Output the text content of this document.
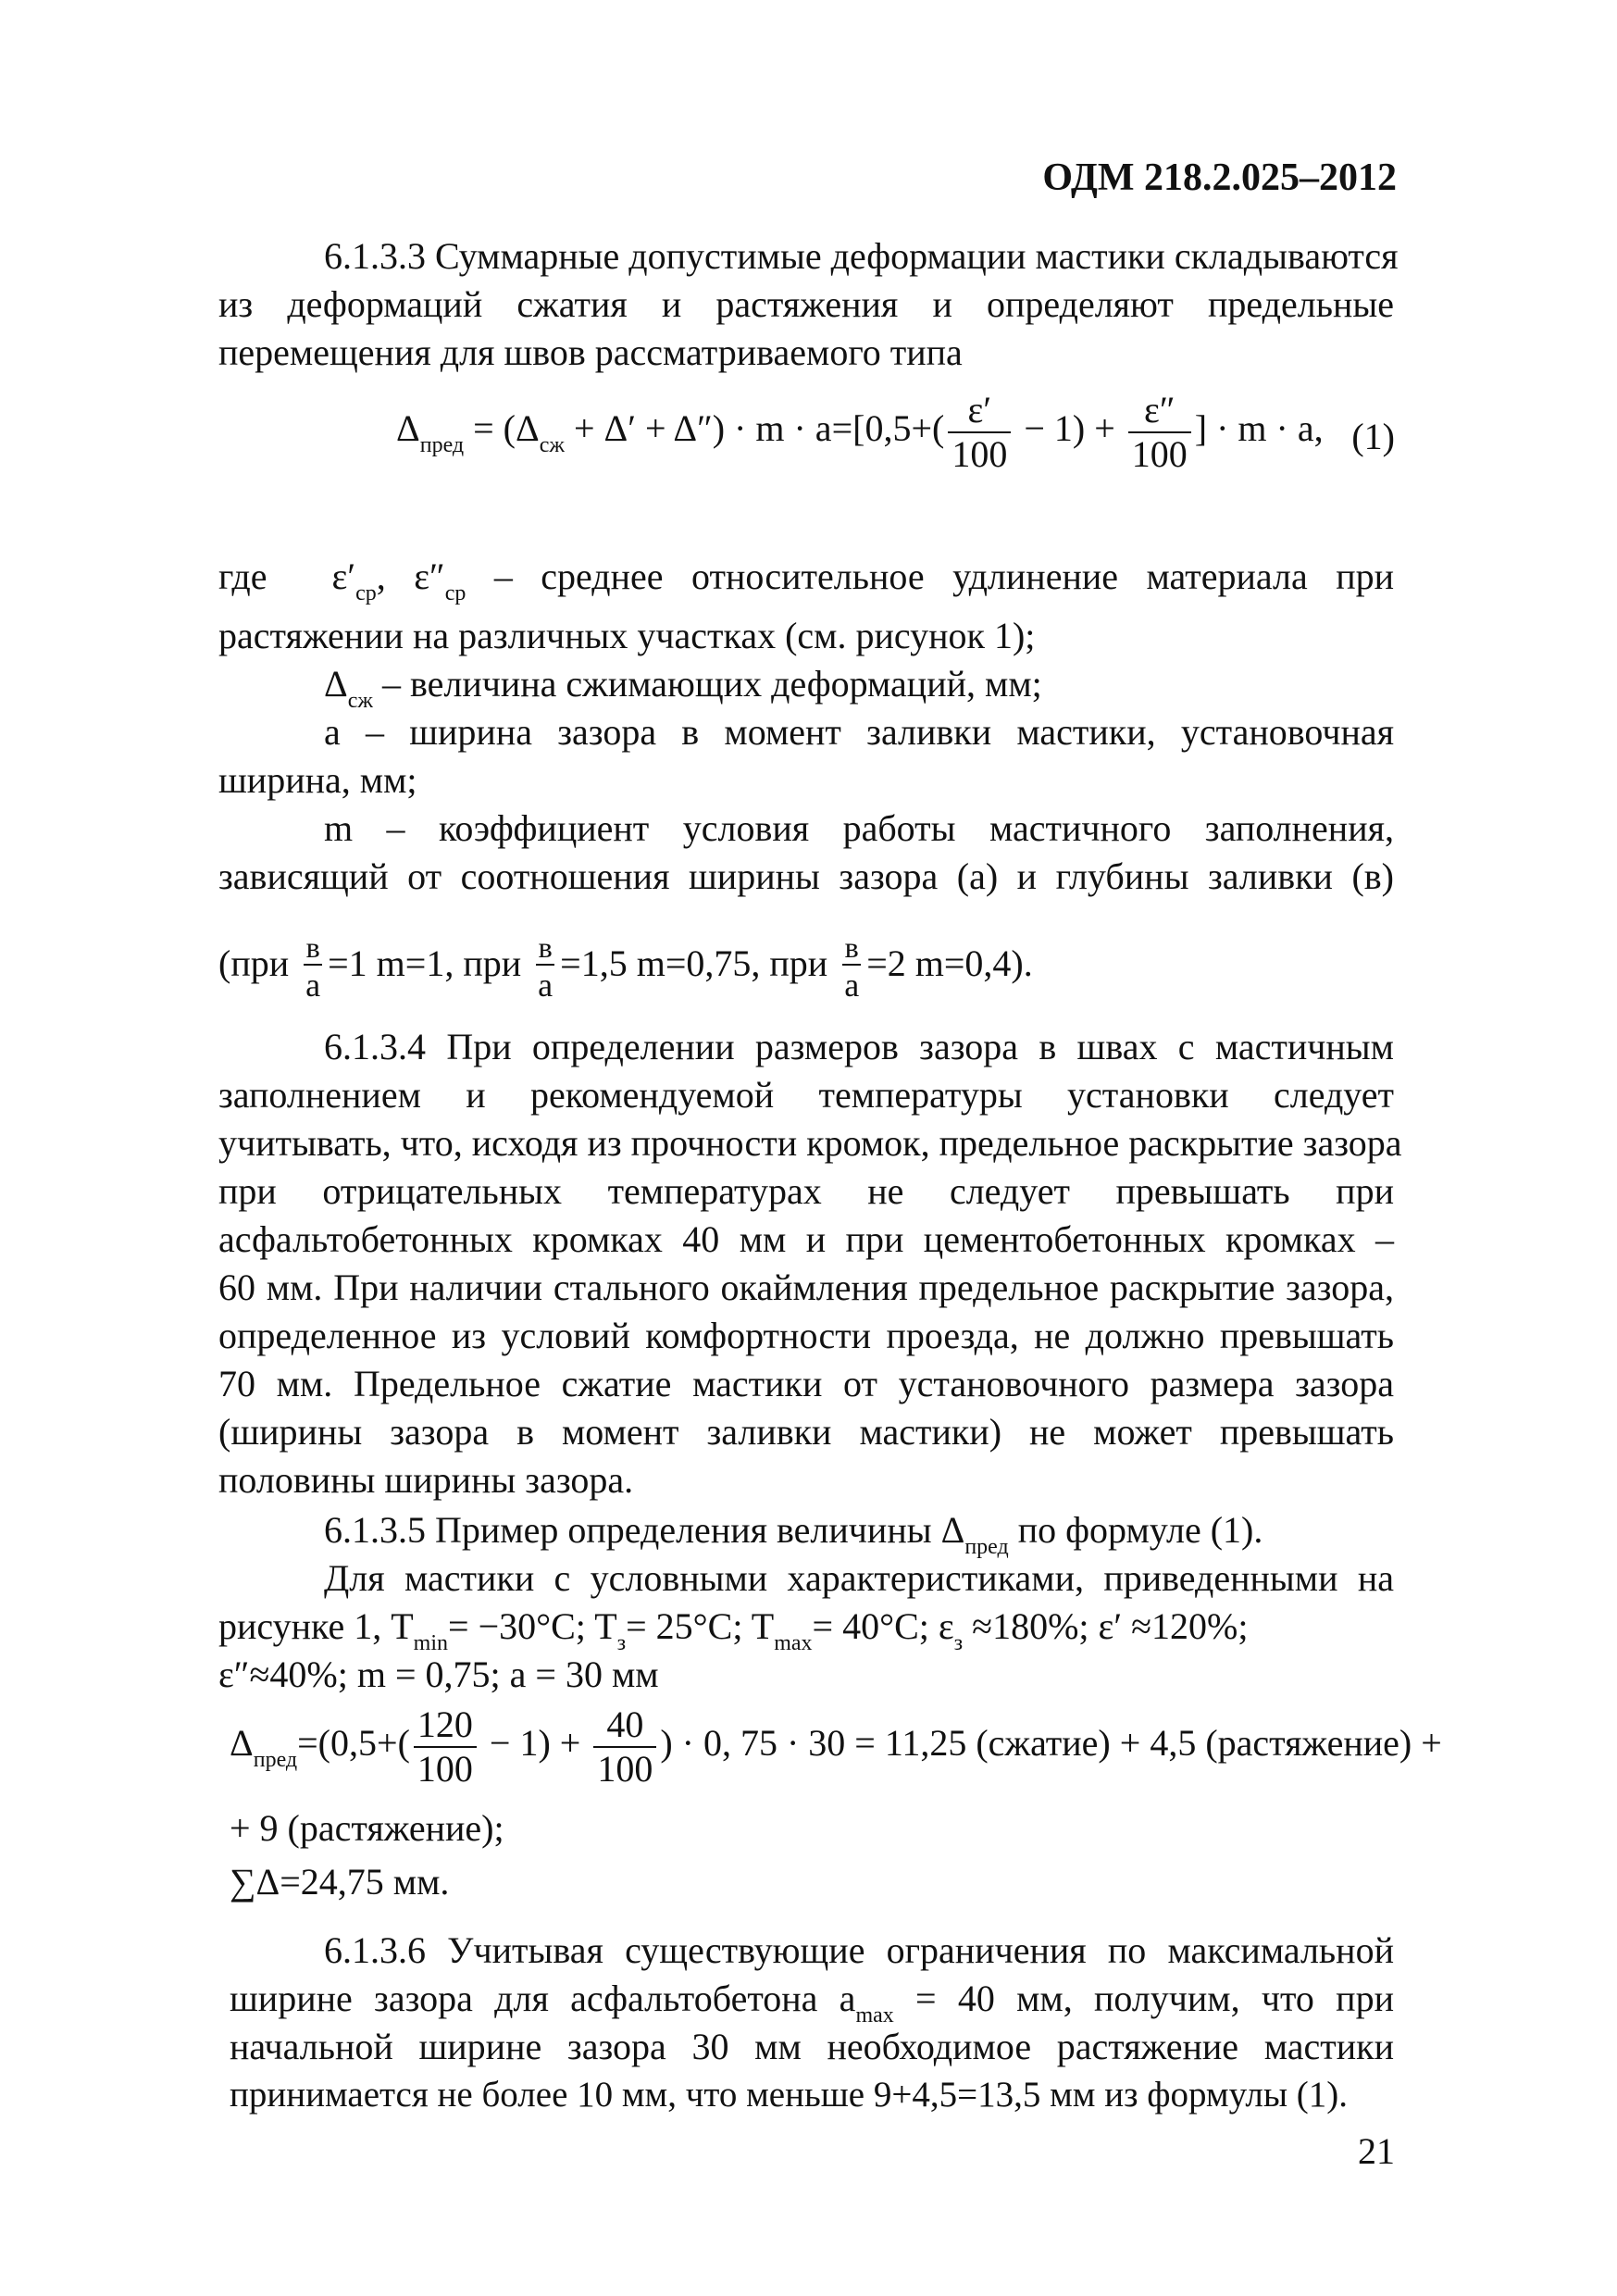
ОДМ 218.2.025–2012
6.1.3.3 Суммарные допустимые деформации мастики складываются
из деформаций сжатия и растяжения и определяют предельные
перемещения для швов рассматриваемого типа
$\Delta_{пред} = (\Delta_{сж} + \Delta' + \Delta'') \cdot m \cdot a=[0,5+( \frac{\varepsilon'}{100} - 1) + \frac{\varepsilon''}{100}$ ] · m · a, (1)
где $\varepsilon'_{ср}$, $\varepsilon''_{ср}$ – среднее относительное удлинение материала при
растяжении на различных участках (см. рисунок 1);
$\Delta_{сж}$ – величина сжимающих деформаций, мм;
a – ширина зазора в момент заливки мастики, установочная
ширина, мм;
m – коэффициент условия работы мастичного заполнения,
зависящий от соотношения ширины зазора (а) и глубины заливки (в)
($при \frac{в}{а} =1$ m=1, при $\frac{в}{а} =1,5$ m=0,75, при $\frac{в}{а} =2$ m=0,4).
6.1.3.4 При определении размеров зазора в швах с мастичным
заполнением и рекомендуемой температуры установки следует
учитывать, что, исходя из прочности кромок, предельное раскрытие зазора
при отрицательных температурах не следует превышать при
асфальтобетонных кромках 40 мм и при цементобетонных кромках –
60 мм. При наличии стального окаймления предельное раскрытие зазора,
определенное из условий комфортности проезда, не должно превышать
70 мм. Предельное сжатие мастики от установочного размера зазора
(ширины зазора в момент заливки мастики) не может превышать
половины ширины зазора.
6.1.3.5 Пример определения величины $\Delta_{пред}$ по формуле (1).
Для мастики с условными характеристиками, приведенными на
рисунке 1, $T_{min}= -30^\circ C$; $T_з= 25^\circ C$; $T_{max}= 40^\circ C$; $\varepsilon_з \approx 180\%$; ε′ ≈120%;
ε″≈40%; m = 0,75; a = 30 мм
$\Delta_{пред}=(0,5+( \frac{120}{100} - 1) + \frac{40}{100}$ ) · 0, 75 · 30 = 11,25 (сжатие) + 4,5 (растяжение) +
+ 9 (растяжение);
∑Δ=24,75 мм.
6.1.3.6 Учитывая существующие ограничения по максимальной
ширине зазора для асфальтобетона $a_{max} = 40$ мм, получим, что при
начальной ширине зазора 30 мм необходимое растяжение мастики
принимается не более 10 мм, что меньше 9+4,5=13,5 мм из формулы (1).
21
